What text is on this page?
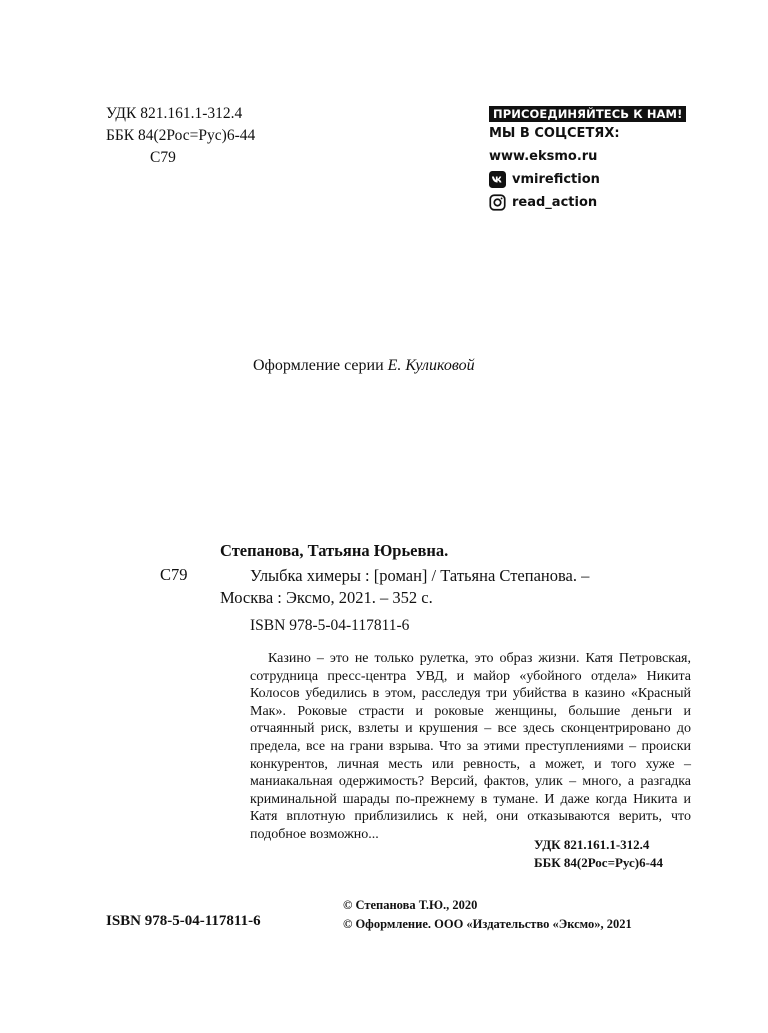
УДК 821.161.1-312.4
ББК 84(2Рос=Рус)6-44
С79
ПРИСОЕДИНЯЙТЕСЬ К НАМ!
МЫ В СОЦСЕТЯХ:
www.eksmo.ru
vmirefiction
read_action
Оформление серии Е. Куликовой
Степанова, Татьяна Юрьевна.
С79	Улыбка химеры : [роман] / Татьяна Степанова. –
Москва : Эксмо, 2021. – 352 с.
ISBN 978-5-04-117811-6
Казино – это не только рулетка, это образ жизни. Катя Петровская, сотрудница пресс-центра УВД, и майор «убойного отдела» Никита Колосов убедились в этом, расследуя три убийства в казино «Красный Мак». Роковые страсти и роковые женщины, большие деньги и отчаянный риск, взлеты и крушения – все здесь сконцентрировано до предела, все на грани взрыва. Что за этими преступлениями – происки конкурентов, личная месть или ревность, а может, и того хуже – маниакальная одержимость? Версий, фактов, улик – много, а разгадка криминальной шарады по-прежнему в тумане. И даже когда Никита и Катя вплотную приблизились к ней, они отказываются верить, что подобное возможно...
УДК 821.161.1-312.4
ББК 84(2Рос=Рус)6-44
© Степанова Т.Ю., 2020
© Оформление. ООО «Издательство «Эксмо», 2021
ISBN 978-5-04-117811-6
